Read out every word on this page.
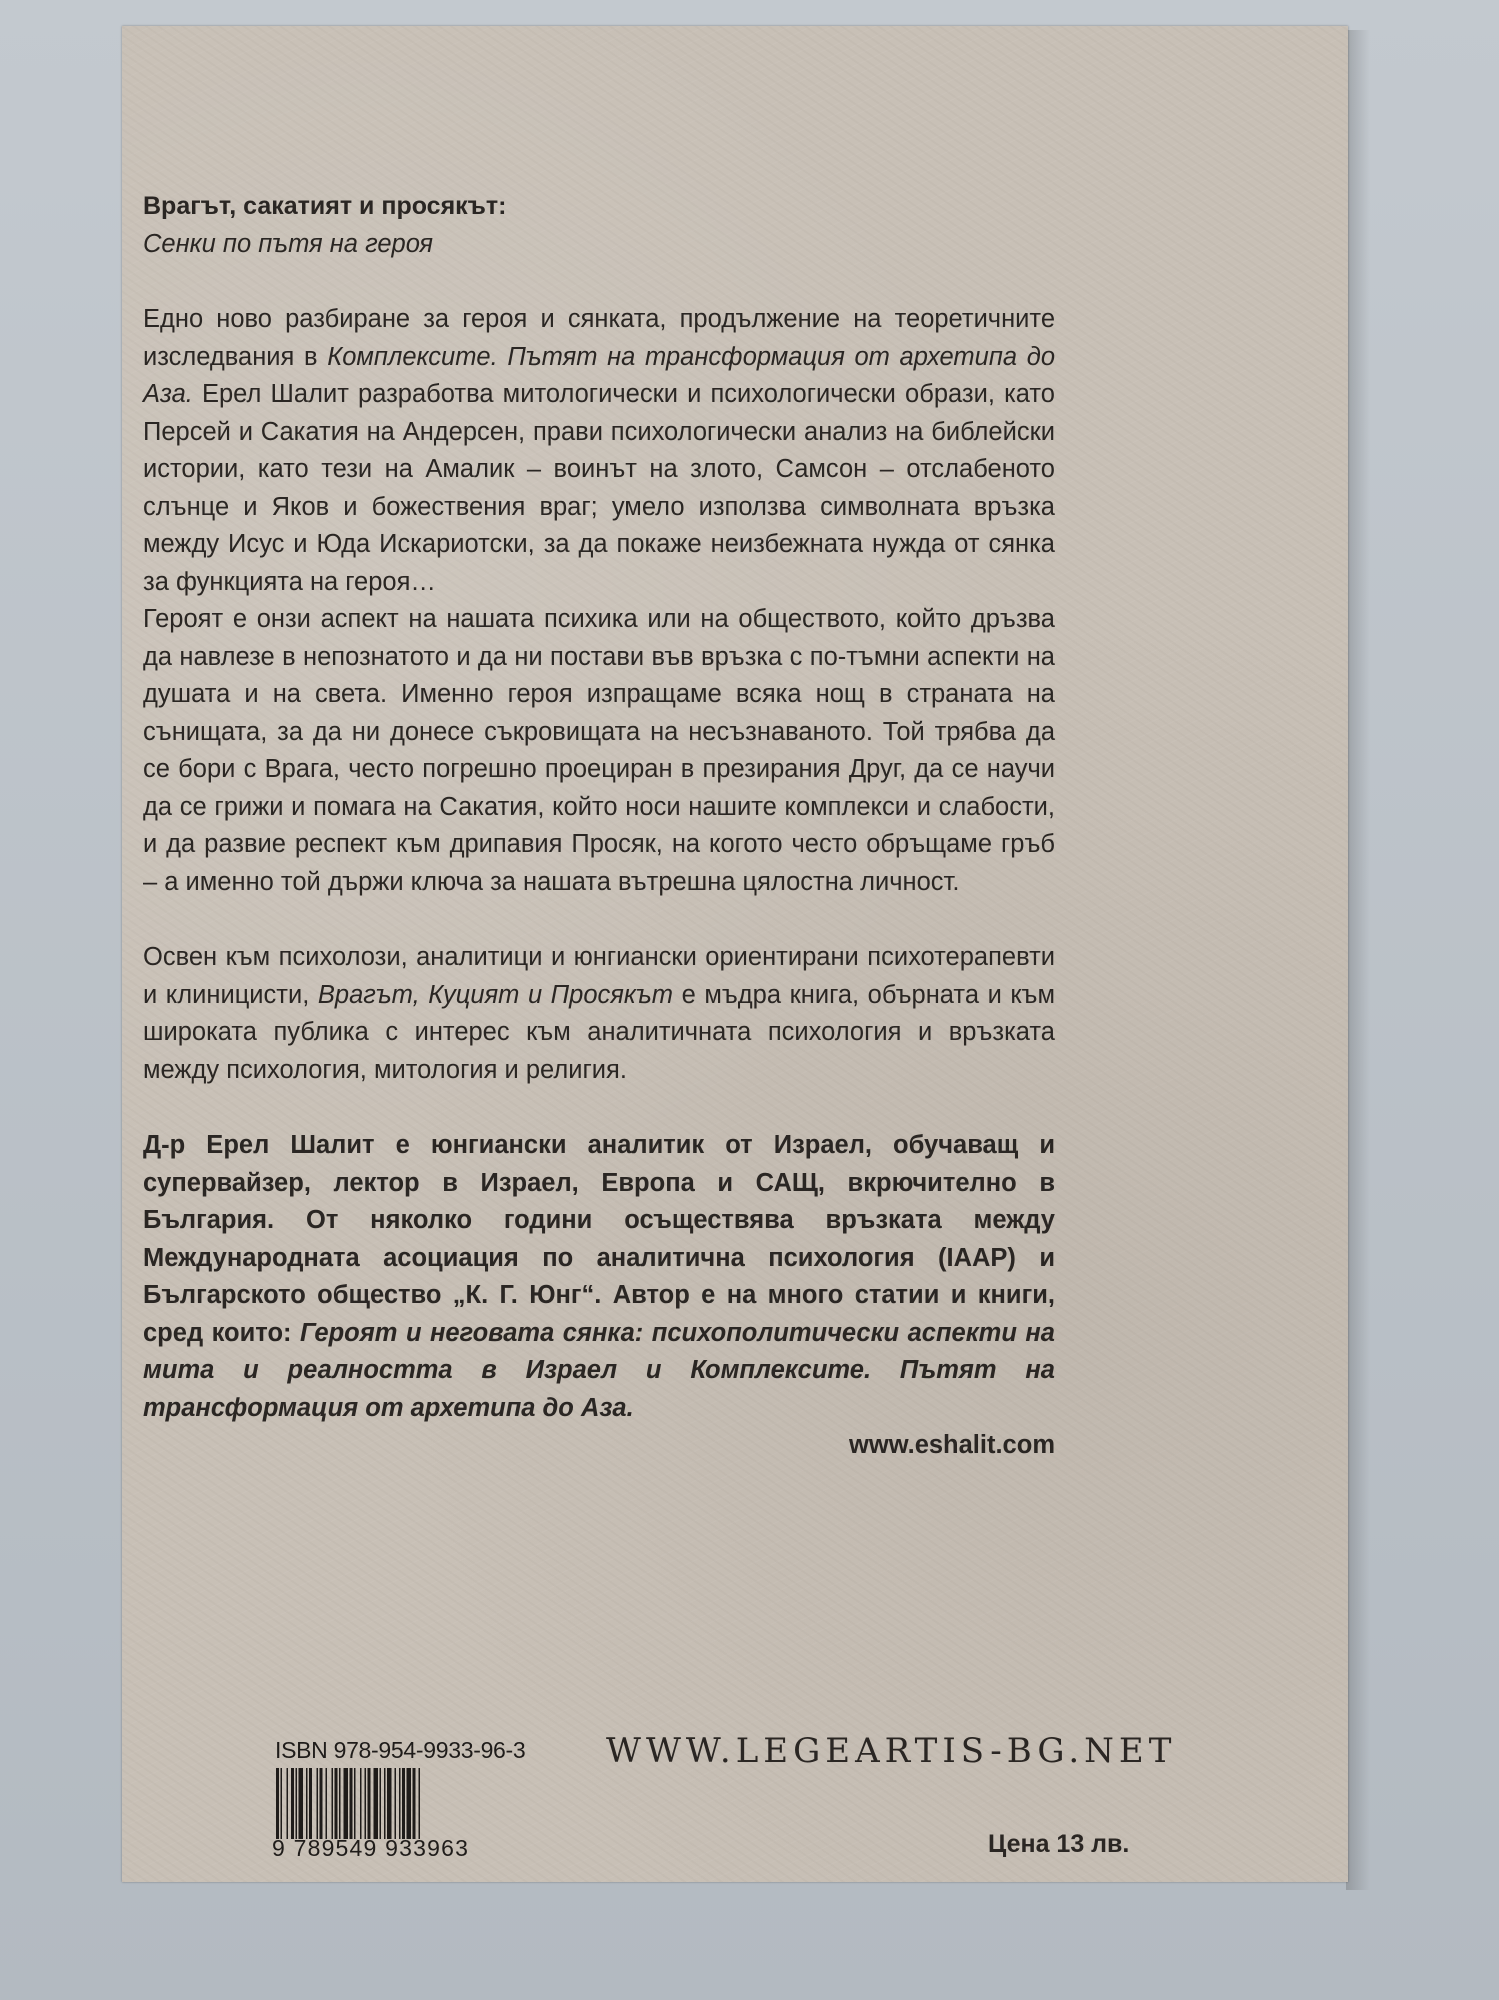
Врагът, сакатият и просякът:

Сенки по пътя на героя

Едно ново разбиране за героя и сянката, продължение на теоретичните изследвания в Комплексите. Пътят на трансформация от архетипа до Аза. Ерел Шалит разработва митологически и психологически образи, като Персей и Сакатия на Андерсен, прави психологически анализ на библейски истории, като тези на Амалик – воинът на злото, Самсон – отслабеното слънце и Яков и божествения враг; умело използва символната връзка между Исус и Юда Искариотски, за да покаже неизбежната нужда от сянка за функцията на героя…

Героят е онзи аспект на нашата психика или на обществото, който дръзва да навлезе в непознатото и да ни постави във връзка с по-тъмни аспекти на душата и на света. Именно героя изпращаме всяка нощ в страната на сънищата, за да ни донесе съкровищата на несъзнаваното. Той трябва да се бори с Врага, често погрешно проециран в презирания Друг, да се научи да се грижи и помага на Сакатия, който носи нашите комплекси и слабости, и да развие респект към дрипавия Просяк, на когото често обръщаме гръб – а именно той държи ключа за нашата вътрешна цялостна личност.

Освен към психолози, аналитици и юнгиански ориентирани психотерапевти и клиницисти, Врагът, Куцият и Просякът е мъдра книга, обърната и към широката публика с интерес към аналитичната психология и връзката между психология, митология и религия.

Д-р Ерел Шалит е юнгиански аналитик от Израел, обучаващ и супервайзер, лектор в Израел, Европа и САЩ, вкрючително в България. От няколко години осъществява връзката между Международната асоциация по аналитична психология (IAAP) и Българското общество „К. Г. Юнг“. Автор е на много статии и книги, сред които: Героят и неговата сянка: психополитически аспекти на мита и реалността в Израел и Комплексите. Пътят на трансформация от архетипа до Аза.

www.eshalit.com

ISBN 978-954-9933-96-3
9 789549 933963
WWW.LEGEARTIS-BG.NET
Цена 13 лв.
